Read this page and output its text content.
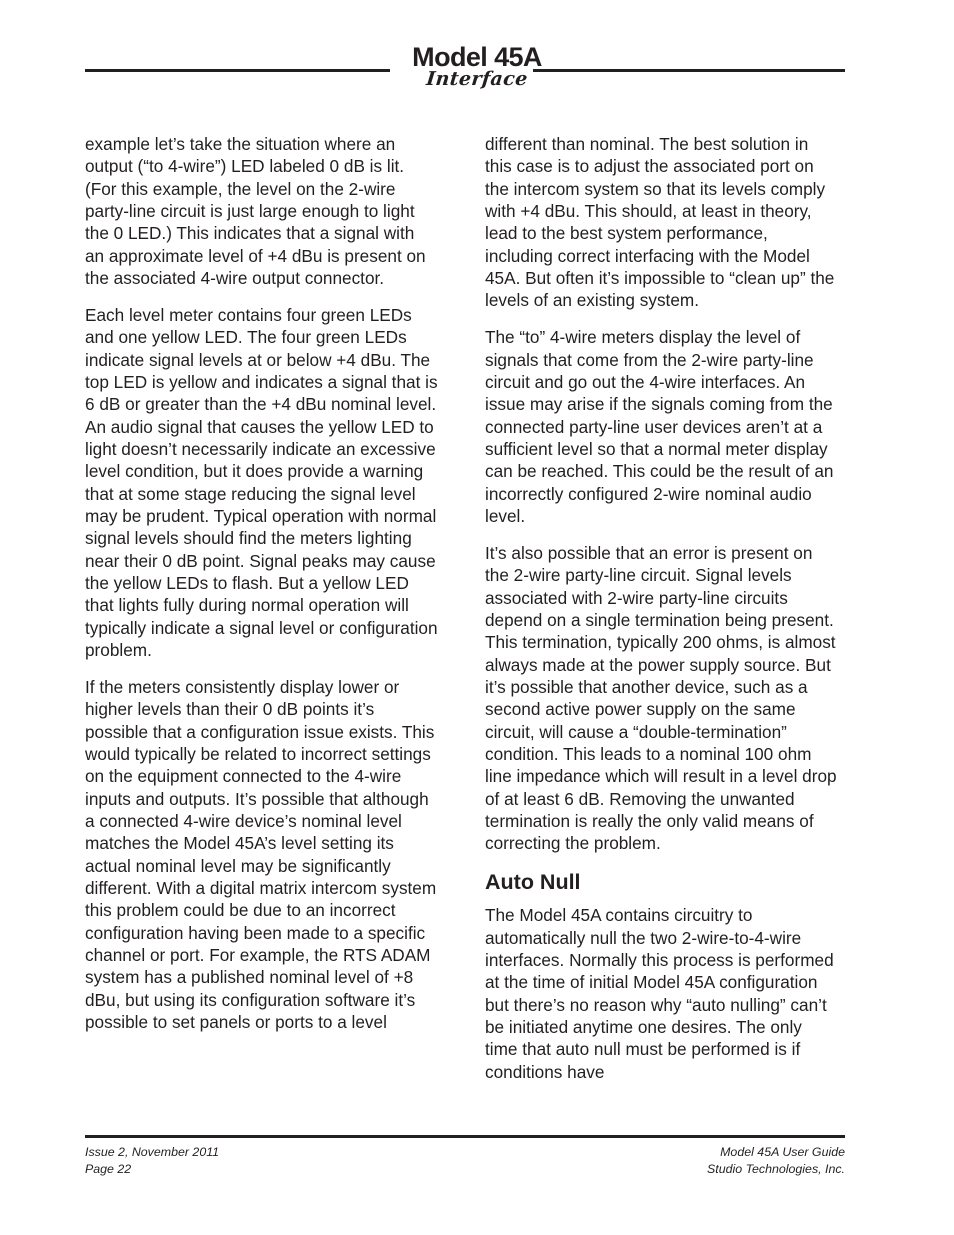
Model 45A
Interface

example let’s take the situation where an output (“to 4-wire”) LED labeled 0 dB is lit. (For this example, the level on the 2-wire party-line circuit is just large enough to light the 0 LED.) This indicates that a signal with an approximate level of +4 dBu is present on the associated 4-wire output connector.

Each level meter contains four green LEDs and one yellow LED. The four green LEDs indicate signal levels at or below +4 dBu. The top LED is yellow and indicates a signal that is 6 dB or greater than the +4 dBu nominal level. An audio signal that causes the yellow LED to light doesn’t necessarily indicate an excessive level condition, but it does provide a warning that at some stage reducing the signal level may be prudent. Typical operation with normal signal levels should find the meters lighting near their 0 dB point. Signal peaks may cause the yellow LEDs to flash. But a yellow LED that lights fully during normal operation will typically indicate a signal level or configuration problem.

If the meters consistently display lower or higher levels than their 0 dB points it’s possible that a configuration issue exists. This would typically be related to incorrect settings on the equipment connected to the 4-wire inputs and outputs. It’s possible that although a connected 4-wire device’s nominal level matches the Model 45A’s level setting its actual nominal level may be significantly different. With a digital matrix intercom system this problem could be due to an incorrect configuration having been made to a specific channel or port. For example, the RTS ADAM system has a published nominal level of +8 dBu, but using its configuration software it’s possible to set panels or ports to a level

different than nominal. The best solution in this case is to adjust the associated port on the intercom system so that its levels comply with +4 dBu. This should, at least in theory, lead to the best system performance, including correct interfacing with the Model 45A. But often it’s impossible to “clean up” the levels of an existing system.

The “to” 4-wire meters display the level of signals that come from the 2-wire party-line circuit and go out the 4-wire interfaces. An issue may arise if the signals coming from the connected party-line user devices aren’t at a sufficient level so that a normal meter display can be reached. This could be the result of an incorrectly configured 2-wire nominal audio level.

It’s also possible that an error is present on the 2-wire party-line circuit. Signal levels associated with 2-wire party-line circuits depend on a single termination being present. This termination, typically 200 ohms, is almost always made at the power supply source. But it’s possible that another device, such as a second active power supply on the same circuit, will cause a “double-termination” condition. This leads to a nominal 100 ohm line impedance which will result in a level drop of at least 6 dB. Removing the unwanted termination is really the only valid means of correcting the problem.

Auto Null

The Model 45A contains circuitry to automatically null the two 2-wire-to-4-wire interfaces. Normally this process is performed at the time of initial Model 45A configuration but there’s no reason why “auto nulling” can’t be initiated anytime one desires. The only time that auto null must be performed is if conditions have

Issue 2, November 2011
Page 22
Model 45A User Guide
Studio Technologies, Inc.
